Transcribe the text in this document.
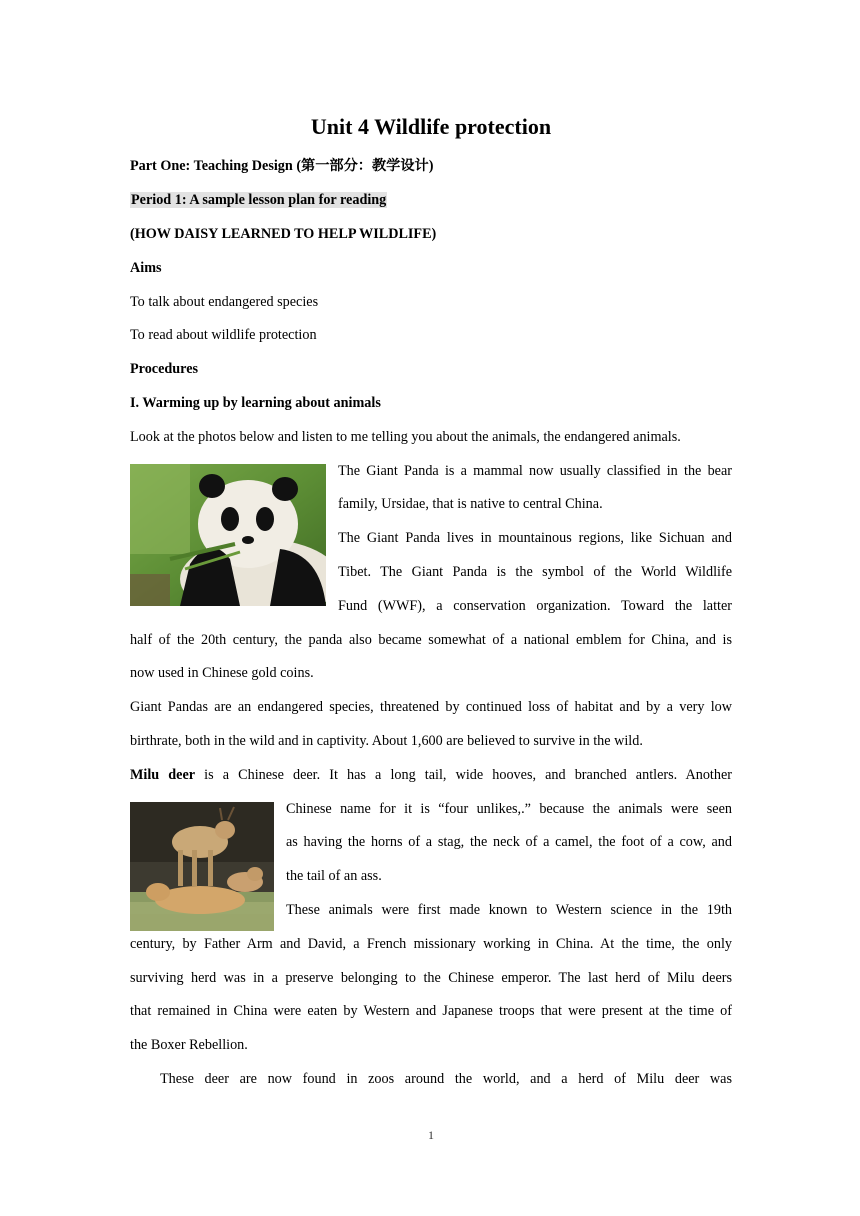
Unit 4 Wildlife protection
Part One: Teaching Design (第一部分：教学设计)
Period 1: A sample lesson plan for reading
(HOW DAISY LEARNED TO HELP WILDLIFE)
Aims
To talk about endangered species
To read about wildlife protection
Procedures
I. Warming up by learning about animals
Look at the photos below and listen to me telling you about the animals, the endangered animals.
The Giant Panda is a mammal now usually classified in the bear
family, Ursidae, that is native to central China.
The Giant Panda lives in mountainous regions, like Sichuan and
Tibet. The Giant Panda is the symbol of the World Wildlife
Fund (WWF), a conservation organization. Toward the latter
half of the 20th century, the panda also became somewhat of a national emblem for China, and is
now used in Chinese gold coins.
Giant Pandas are an endangered species, threatened by continued loss of habitat and by a very low
birthrate, both in the wild and in captivity. About 1,600 are believed to survive in the wild.
Milu deer is a Chinese deer. It has a long tail, wide hooves, and branched antlers. Another
Chinese name for it is “four unlikes,.” because the animals were seen
as having the horns of a stag, the neck of a camel, the foot of a cow, and
the tail of an ass.
These animals were first made known to Western science in the 19th
century, by Father Arm and David, a French missionary working in China. At the time, the only
surviving herd was in a preserve belonging to the Chinese emperor. The last herd of Milu deers
that remained in China were eaten by Western and Japanese troops that were present at the time of
the Boxer Rebellion.
These deer are now found in zoos around the world, and a herd of Milu deer was
1
